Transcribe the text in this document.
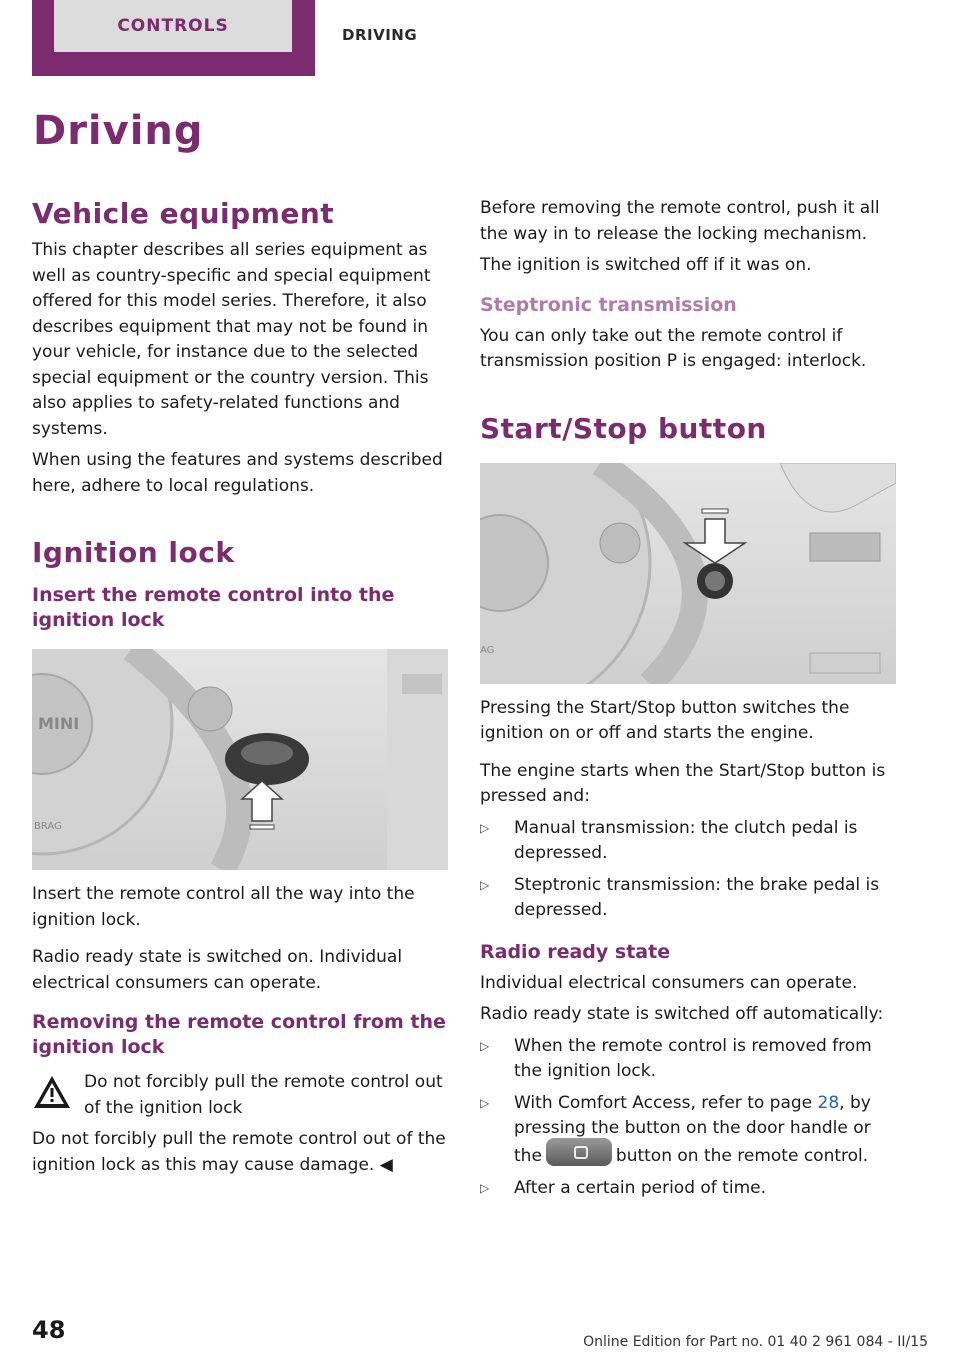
CONTROLS	DRIVING
Driving
Vehicle equipment

This chapter describes all series equipment as well as country-specific and special equipment offered for this model series. Therefore, it also describes equipment that may not be found in your vehicle, for instance due to the selected special equipment or the country version. This also applies to safety-related functions and systems.

When using the features and systems described here, adhere to local regulations.

Ignition lock
Insert the remote control into the ignition lock
MINI
BRAG

Insert the remote control all the way into the ignition lock.

Radio ready state is switched on. Individual electrical consumers can operate.

Removing the remote control from the ignition lock

Do not forcibly pull the remote control out of the ignition lock

Do not forcibly pull the remote control out of the ignition lock as this may cause damage. ◀

Before removing the remote control, push it all the way in to release the locking mechanism.

The ignition is switched off if it was on.

Steptronic transmission

You can only take out the remote control if transmission position P is engaged: interlock.

Start/Stop button
AG

Pressing the Start/Stop button switches the ignition on or off and starts the engine.

The engine starts when the Start/Stop button is pressed and:

▷ Manual transmission: the clutch pedal is depressed.
▷ Steptronic transmission: the brake pedal is depressed.
Radio ready state

Individual electrical consumers can operate.

Radio ready state is switched off automatically:

▷ When the remote control is removed from the ignition lock.
▷ With Comfort Access, refer to page 28, by pressing the button on the door handle or the	button on the remote control.
▷ After a certain period of time.
48	Online Edition for Part no. 01 40 2 961 084 - II/15
